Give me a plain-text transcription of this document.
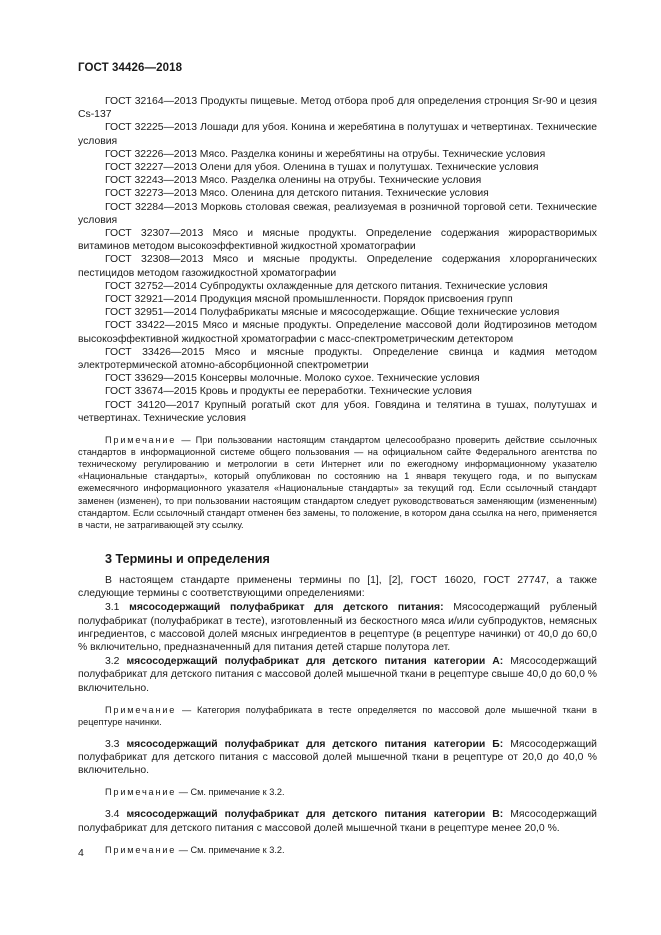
ГОСТ 34426—2018

ГОСТ 32164—2013 Продукты пищевые. Метод отбора проб для определения стронция Sr-90 и цезия Cs-137

ГОСТ 32225—2013 Лошади для убоя. Конина и жеребятина в полутушах и четвертинах. Технические условия

ГОСТ 32226—2013 Мясо. Разделка конины и жеребятины на отрубы. Технические условия

ГОСТ 32227—2013 Олени для убоя. Оленина в тушах и полутушах. Технические условия

ГОСТ 32243—2013 Мясо. Разделка оленины на отрубы. Технические условия

ГОСТ 32273—2013 Мясо. Оленина для детского питания. Технические условия

ГОСТ 32284—2013 Морковь столовая свежая, реализуемая в розничной торговой сети. Технические условия

ГОСТ 32307—2013 Мясо и мясные продукты. Определение содержания жирорастворимых витаминов методом высокоэффективной жидкостной хроматографии

ГОСТ 32308—2013 Мясо и мясные продукты. Определение содержания хлорорганических пестицидов методом газожидкостной хроматографии

ГОСТ 32752—2014 Субпродукты охлажденные для детского питания. Технические условия

ГОСТ 32921—2014 Продукция мясной промышленности. Порядок присвоения групп

ГОСТ 32951—2014 Полуфабрикаты мясные и мясосодержащие. Общие технические условия

ГОСТ 33422—2015 Мясо и мясные продукты. Определение массовой доли йодтирозинов методом высокоэффективной жидкостной хроматографии с масс-спектрометрическим детектором

ГОСТ 33426—2015 Мясо и мясные продукты. Определение свинца и кадмия методом электротермической атомно-абсорбционной спектрометрии

ГОСТ 33629—2015 Консервы молочные. Молоко сухое. Технические условия

ГОСТ 33674—2015 Кровь и продукты ее переработки. Технические условия

ГОСТ 34120—2017 Крупный рогатый скот для убоя. Говядина и телятина в тушах, полутушах и четвертинах. Технические условия

Примечание — При пользовании настоящим стандартом целесообразно проверить действие ссылочных стандартов в информационной системе общего пользования — на официальном сайте Федерального агентства по техническому регулированию и метрологии в сети Интернет или по ежегодному информационному указателю «Национальные стандарты», который опубликован по состоянию на 1 января текущего года, и по выпускам ежемесячного информационного указателя «Национальные стандарты» за текущий год. Если ссылочный стандарт заменен (изменен), то при пользовании настоящим стандартом следует руководствоваться заменяющим (измененным) стандартом. Если ссылочный стандарт отменен без замены, то положение, в котором дана ссылка на него, применяется в части, не затрагивающей эту ссылку.

3 Термины и определения

В настоящем стандарте применены термины по [1], [2], ГОСТ 16020, ГОСТ 27747, а также следующие термины с соответствующими определениями:

3.1 мясосодержащий полуфабрикат для детского питания: Мясосодержащий рубленый полуфабрикат (полуфабрикат в тесте), изготовленный из бескостного мяса и/или субпродуктов, немясных ингредиентов, с массовой долей мясных ингредиентов в рецептуре (в рецептуре начинки) от 40,0 до 60,0 % включительно, предназначенный для питания детей старше полутора лет.

3.2 мясосодержащий полуфабрикат для детского питания категории А: Мясосодержащий полуфабрикат для детского питания с массовой долей мышечной ткани в рецептуре свыше 40,0 до 60,0 % включительно.

Примечание — Категория полуфабриката в тесте определяется по массовой доле мышечной ткани в рецептуре начинки.

3.3 мясосодержащий полуфабрикат для детского питания категории Б: Мясосодержащий полуфабрикат для детского питания с массовой долей мышечной ткани в рецептуре от 20,0 до 40,0 % включительно.

Примечание — См. примечание к 3.2.

3.4 мясосодержащий полуфабрикат для детского питания категории В: Мясосодержащий полуфабрикат для детского питания с массовой долей мышечной ткани в рецептуре менее 20,0 %.

Примечание — См. примечание к 3.2.

4
